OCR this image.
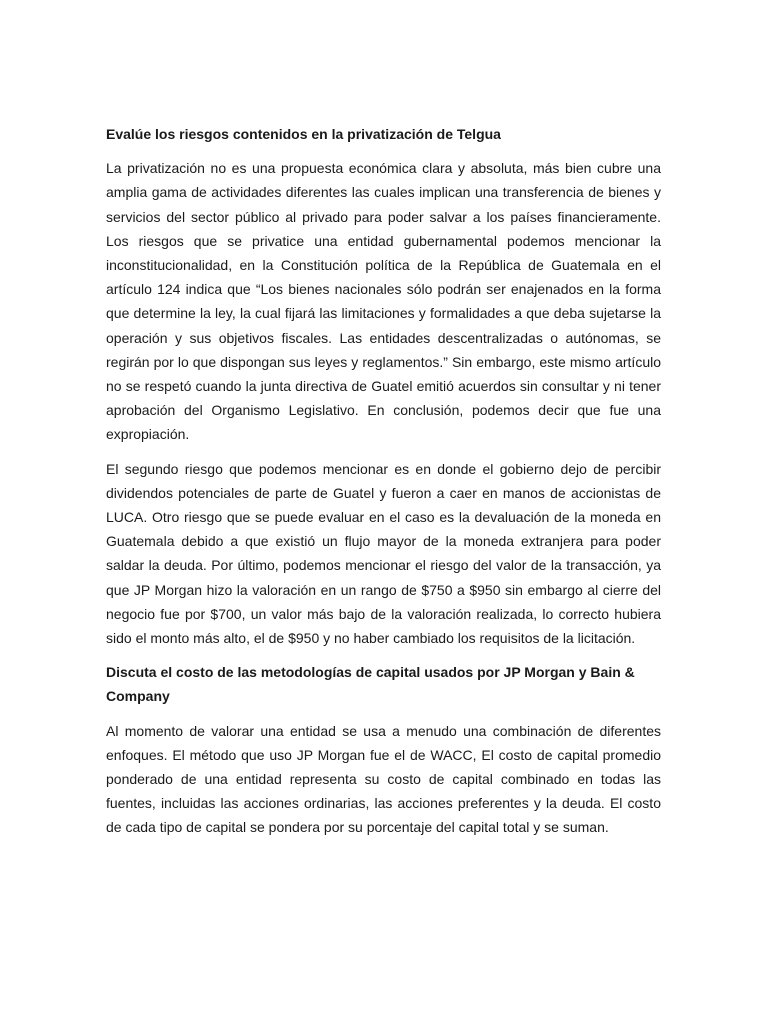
Evalúe los riesgos contenidos en la privatización de Telgua

La privatización no es una propuesta económica clara y absoluta, más bien cubre una amplia gama de actividades diferentes las cuales implican una transferencia de bienes y servicios del sector público al privado para poder salvar a los países financieramente. Los riesgos que se privatice una entidad gubernamental podemos mencionar la inconstitucionalidad, en la Constitución política de la República de Guatemala en el artículo 124 indica que “Los bienes nacionales sólo podrán ser enajenados en la forma que determine la ley, la cual fijará las limitaciones y formalidades a que deba sujetarse la operación y sus objetivos fiscales. Las entidades descentralizadas o autónomas, se regirán por lo que dispongan sus leyes y reglamentos.” Sin embargo, este mismo artículo no se respetó cuando la junta directiva de Guatel emitió acuerdos sin consultar y ni tener aprobación del Organismo Legislativo. En conclusión, podemos decir que fue una expropiación.

El segundo riesgo que podemos mencionar es en donde el gobierno dejo de percibir dividendos potenciales de parte de Guatel y fueron a caer en manos de accionistas de LUCA. Otro riesgo que se puede evaluar en el caso es la devaluación de la moneda en Guatemala debido a que existió un flujo mayor de la moneda extranjera para poder saldar la deuda. Por último, podemos mencionar el riesgo del valor de la transacción, ya que JP Morgan hizo la valoración en un rango de $750 a $950 sin embargo al cierre del negocio fue por $700, un valor más bajo de la valoración realizada, lo correcto hubiera sido el monto más alto, el de $950 y no haber cambiado los requisitos de la licitación.

Discuta el costo de las metodologías de capital usados por JP Morgan y Bain & Company

Al momento de valorar una entidad se usa a menudo una combinación de diferentes enfoques. El método que uso JP Morgan fue el de WACC, El costo de capital promedio ponderado de una entidad representa su costo de capital combinado en todas las fuentes, incluidas las acciones ordinarias, las acciones preferentes y la deuda. El costo de cada tipo de capital se pondera por su porcentaje del capital total y se suman.
